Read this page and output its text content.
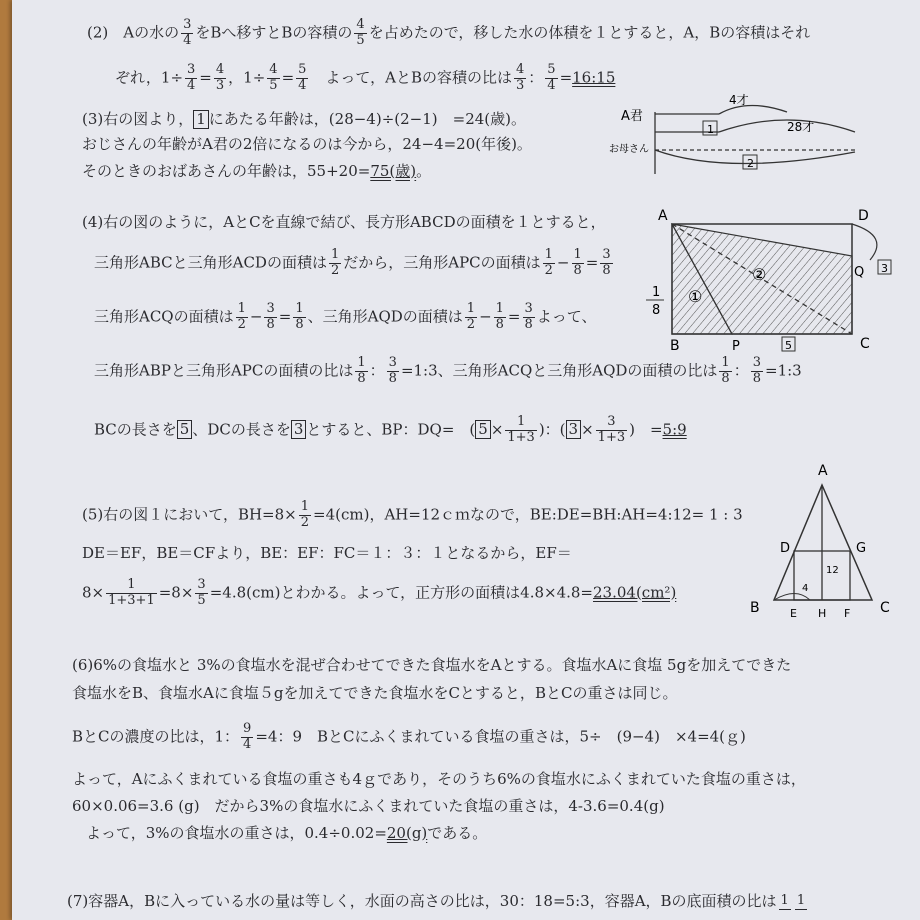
(2)　Aの水の $\frac{3}{4}$ をBへ移すとBの容積の $\frac{4}{5}$ を占めたので，移した水の体積を１とすると，A，Bの容積はそれ
ぞれ，$1\div \frac{3}{4} = \frac{4}{3}$ ，$1\div \frac{4}{5} = \frac{5}{4}$ 　よって，AとBの容積の比は $\frac{4}{3}$ ： $\frac{5}{4}$ =16:15
(3)右の図より， 1 にあたる年齢は，(28−4)÷(2−1)　=24(歳)。
おじさんの年齢がA君の2倍になるのは今から，24−4=20(年後)。
そのときのおばあさんの年齢は，55+20=75(歳)。
A君
お母さん
4才
28才
1
2
(4)右の図のように，AとCを直線で結び、長方形ABCDの面積を１とすると，
三角形ABCと三角形ACDの面積は $\frac{1}{2}$ だから，三角形APCの面積は $\frac{1}{2} - \frac{1}{8} = \frac{3}{8}$
三角形ACQの面積は $\frac{1}{2} - \frac{3}{8} = \frac{1}{8}$ 、三角形AQDの面積は $\frac{1}{2} - \frac{1}{8} = \frac{3}{8}$ よって、
三角形ABPと三角形APCの面積の比は $\frac{1}{8}$ ： $\frac{3}{8}$ =1:3、三角形ACQと三角形AQDの面積の比は $\frac{1}{8}$ ： $\frac{3}{8}$ =1:3
BCの長さを 5 、DCの長さを 3 とすると、BP：DQ=　( $5 \times \frac{1}{1+3}$ )：( $3 \times \frac{3}{1+3}$ )　=5:9
A	D
B	C
P
Q
①
②	3
5
1
8
(5)右の図１において，$BH=8\times \frac{1}{2} =4(cm)$，AH=12ｃｍなので，BE:DE=BH:AH=4:12= 1 : 3
DE＝EF，BE＝CFより，BE：EF：FC＝１：３：１となるから，EF＝
$8\times \frac{1}{1+3+1} =8\times \frac{3}{5} =4.8(cm)$とわかる。よって，正方形の面積は4.8×4.8=23.04(cm²)
A
D	G
B	C
E H F
4
12
(6)6%の食塩水と 3%の食塩水を混ぜ合わせてできた食塩水をAとする。食塩水Aに食塩 5gを加えてできた
食塩水をB、食塩水Aに食塩５gを加えてできた食塩水をCとすると，BとCの重さは同じ。
BとCの濃度の比は，1： $\frac{9}{4} =4$：9　BとCにふくまれている食塩の重さは，5÷　(9−4)　×4=4(ｇ)
よって，Aにふくまれている食塩の重さも4ｇであり，そのうち6%の食塩水にふくまれていた食塩の重さは，
60×0.06=3.6 (g)　だから3%の食塩水にふくまれていた食塩の重さは，4-3.6=0.4(g)
よって，3%の食塩水の重さは，0.4÷0.02=20(g)である。
(7)容器A，Bに入っている水の量は等しく，水面の高さの比は，30：18=5:3，容器A，Bの底面積の比は 1 1
